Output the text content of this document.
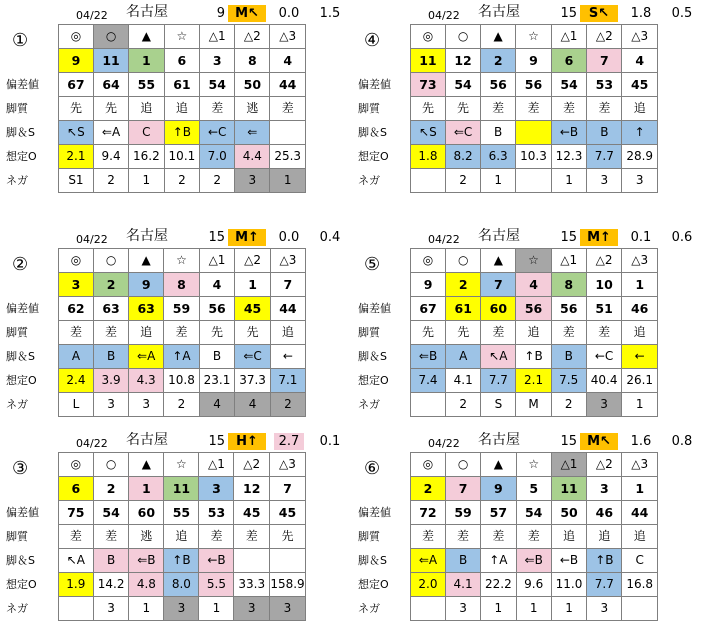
04/22 名古屋	9 M↖	0.0	1.5
①
		◎	○	▲	☆	△1	△2	△3
	9	11	1	6	3	8	4
偏差値	67	64	55	61	54	50	44
脚質	先	先	追	追	差	逃	差
脚＆S	↖S	⇐A	C	↑B	←C	⇐	
想定O	2.1	9.4	16.2	10.1	7.0	4.4	25.3
ネガ	S1	2	1	2	2	3	1
04/22 名古屋	15 S↖	1.8	0.5
④
		◎	○	▲	☆	△1	△2	△3
	11	12	2	9	6	7	4
偏差値	73	54	56	56	54	53	45
脚質	先	先	差	差	差	差	追
脚＆S	↖S	⇐C	B		←B	B	↑
想定O	1.8	8.2	6.3	10.3	12.3	7.7	28.9
ネガ		2	1		1	3	3
04/22 名古屋	15 M↑	0.0	0.4
②
		◎	○	▲	☆	△1	△2	△3
	3	2	9	8	4	1	7
偏差値	62	63	63	59	56	45	44
脚質	差	差	追	差	先	先	追
脚＆S	A	B	⇐A	↑A	B	⇐C	←
想定O	2.4	3.9	4.3	10.8	23.1	37.3	7.1
ネガ	L	3	3	2	4	4	2
04/22 名古屋	15 M↑	0.1	0.6
⑤
		◎	○	▲	☆	△1	△2	△3
	9	2	7	4	8	10	1
偏差値	67	61	60	56	56	51	46
脚質	先	先	差	追	差	差	追
脚＆S	⇐B	A	↖A	↑B	B	←C	←
想定O	7.4	4.1	7.7	2.1	7.5	40.4	26.1
ネガ		2	S	M	2	3	1
04/22 名古屋	15 H↑	2.7	0.1
③
		◎	○	▲	☆	△1	△2	△3
	6	2	1	11	3	12	7
偏差値	75	54	60	55	53	45	45
脚質	差	差	逃	追	差	差	先
脚＆S	↖A	B	⇐B	↑B	←B		
想定O	1.9	14.2	4.8	8.0	5.5	33.3	158.9
ネガ		3	1	3	1	3	3
04/22 名古屋	15 M↖	1.6	0.8
⑥
		◎	○	▲	☆	△1	△2	△3
	2	7	9	5	11	3	1
偏差値	72	59	57	54	50	46	44
脚質	差	差	差	差	追	追	追
脚＆S	⇐A	B	↑A	⇐B	←B	↑B	C
想定O	2.0	4.1	22.2	9.6	11.0	7.7	16.8
ネガ		3	1	1	1	3	
